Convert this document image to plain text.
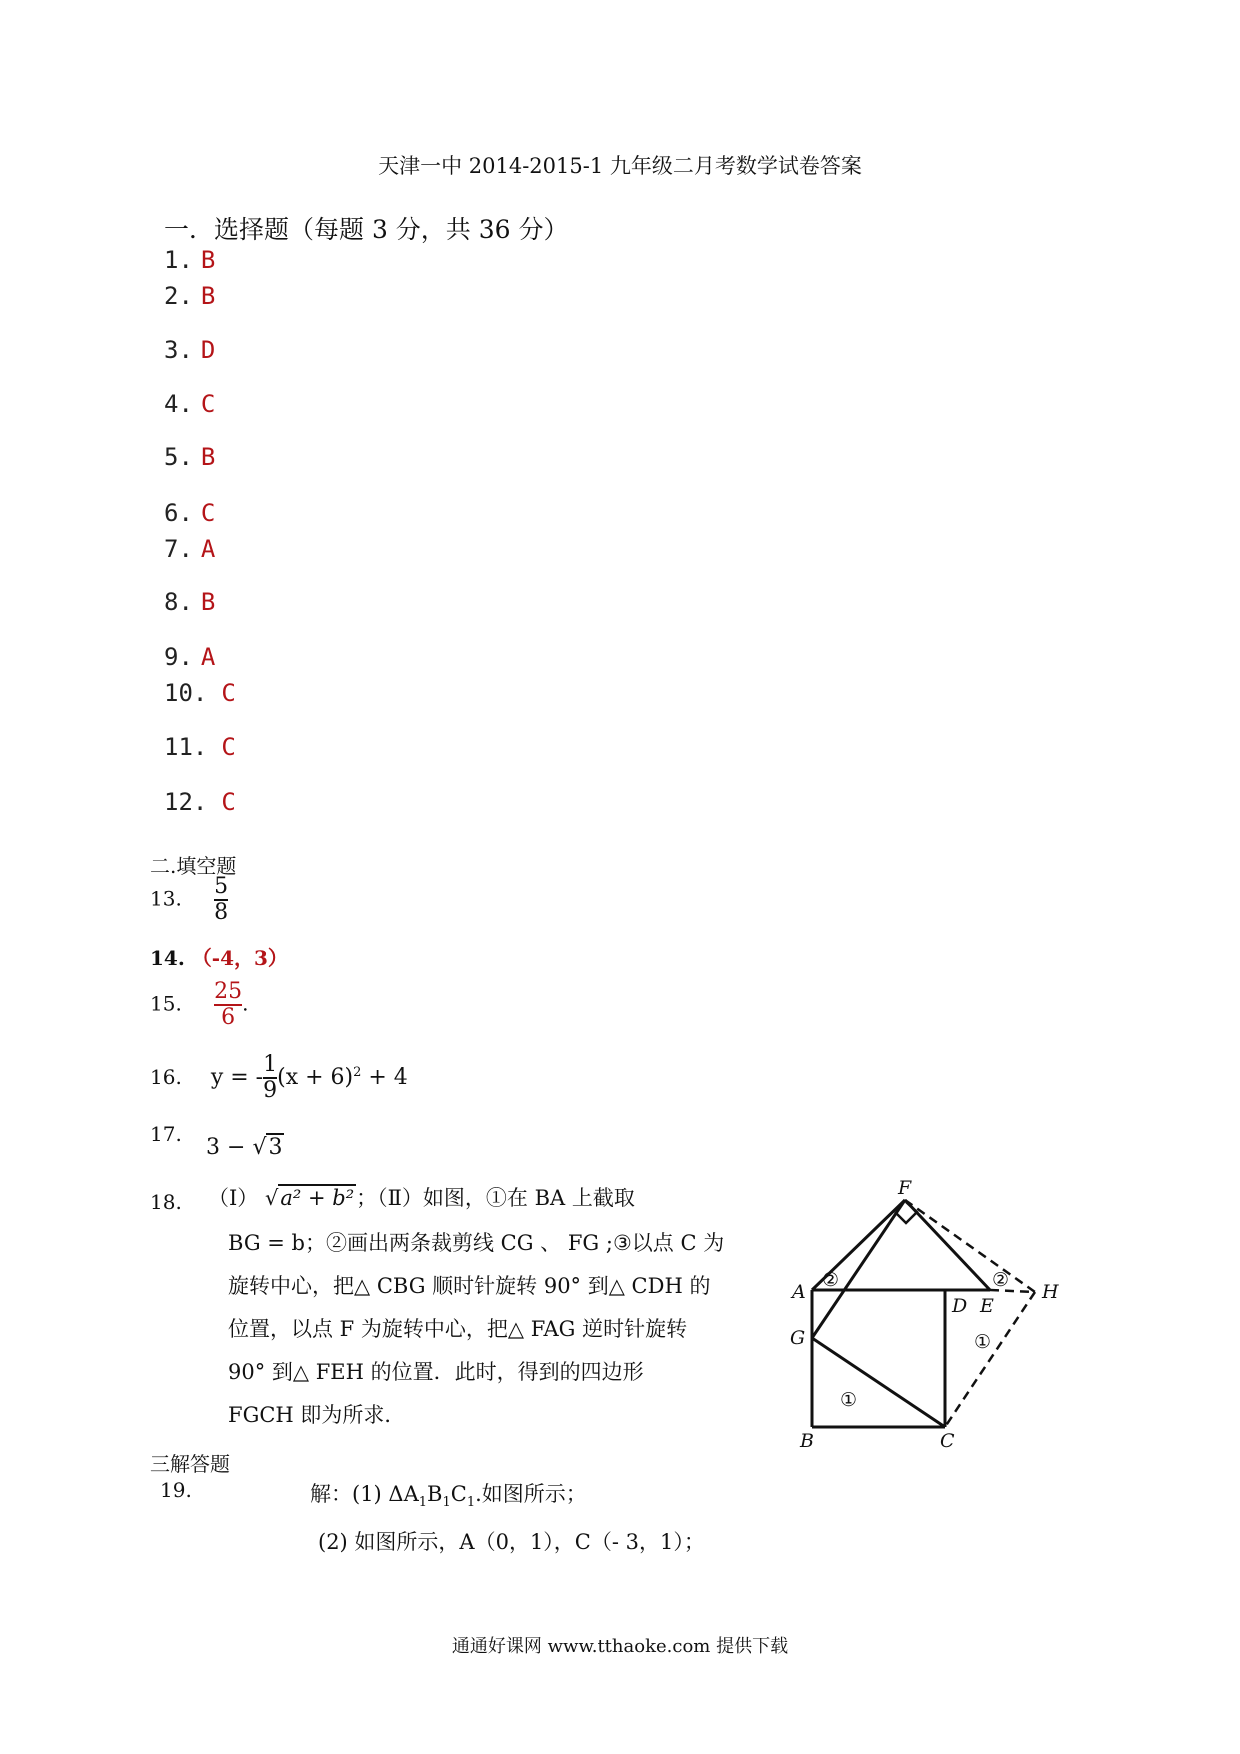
天津一中 2014-2015-1 九年级二月考数学试卷答案
一．选择题（每题 3 分，共 36 分）
1. B
2. B
3. D
4. C
5. B
6. C
7. A
8. B
9. A
10. C
11. C
12. C
二.填空题
13. $\frac{5}{8}$
14. （-4，3）
15. $\frac{25}{6}$ .
16. y = - $\frac{1}{9} (x + 6)^2 + 4$
17.
3 − √3
18. （Ⅰ） √a² + b²；（Ⅱ）如图，①在 BA 上截取
BG = b；②画出两条裁剪线 CG 、 FG ;③以点 C 为
旋转中心，把△ CBG 顺时针旋转 90° 到△ CDH 的
位置，以点 F 为旋转中心，把△ FAG 逆时针旋转
90° 到△ FEH 的位置．此时，得到的四边形
FGCH 即为所求．
F
A
D E
H
G
B	C
②	②
①
①
三解答题
19.	解：(1) $\Delta A_1B_1C_1$.如图所示；
(2) 如图所示，A（0，1），C（- 3，1）；
通通好课网 www.tthaoke.com 提供下载
